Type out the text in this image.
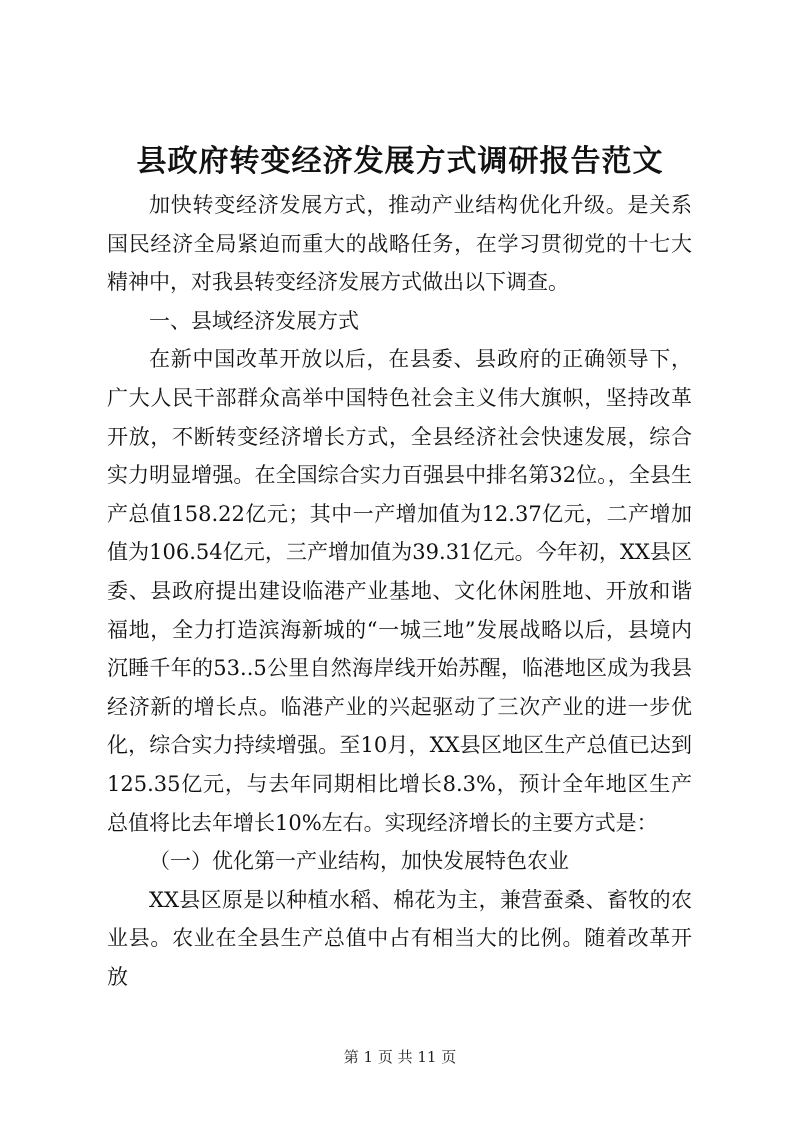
县政府转变经济发展方式调研报告范文

加快转变经济发展方式，推动产业结构优化升级。是关系国民经济全局紧迫而重大的战略任务，在学习贯彻党的十七大精神中，对我县转变经济发展方式做出以下调查。

一、县域经济发展方式

在新中国改革开放以后，在县委、县政府的正确领导下，广大人民干部群众高举中国特色社会主义伟大旗帜，坚持改革开放，不断转变经济增长方式，全县经济社会快速发展，综合实力明显增强。在全国综合实力百强县中排名第32位。，全县生产总值158.22亿元；其中一产增加值为12.37亿元，二产增加值为106.54亿元，三产增加值为39.31亿元。今年初，XX县区委、县政府提出建设临港产业基地、文化休闲胜地、开放和谐福地，全力打造滨海新城的“一城三地”发展战略以后，县境内沉睡千年的53..5公里自然海岸线开始苏醒，临港地区成为我县经济新的增长点。临港产业的兴起驱动了三次产业的进一步优化，综合实力持续增强。至10月，XX县区地区生产总值已达到125.35亿元，与去年同期相比增长8.3%，预计全年地区生产总值将比去年增长10%左右。实现经济增长的主要方式是：

（一）优化第一产业结构，加快发展特色农业

XX县区原是以种植水稻、棉花为主，兼营蚕桑、畜牧的农业县。农业在全县生产总值中占有相当大的比例。随着改革开放

第 1 页 共 11 页
